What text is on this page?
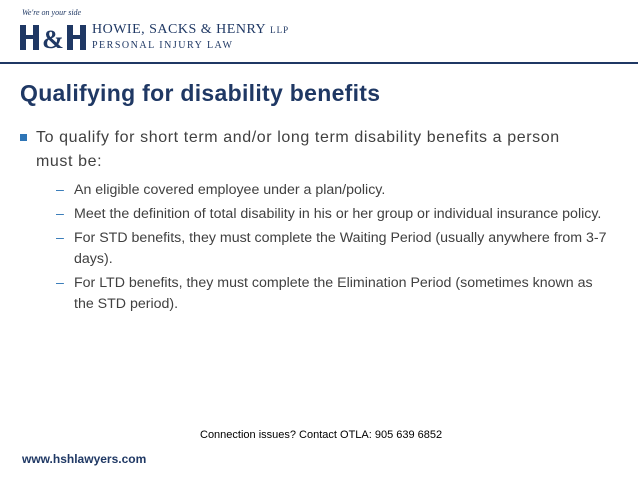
We're on your side
& HOWIE, SACKS & HENRY LLP
PERSONAL INJURY LAW
Qualifying for disability benefits
To qualify for short term and/or long term disability benefits a person must be:
– An eligible covered employee under a plan/policy.
– Meet the definition of total disability in his or her group or individual insurance policy.
– For STD benefits, they must complete the Waiting Period (usually anywhere from 3-7 days).
– For LTD benefits, they must complete the Elimination Period (sometimes known as the STD period).
Connection issues? Contact OTLA: 905 639 6852
www.hshlawyers.com
